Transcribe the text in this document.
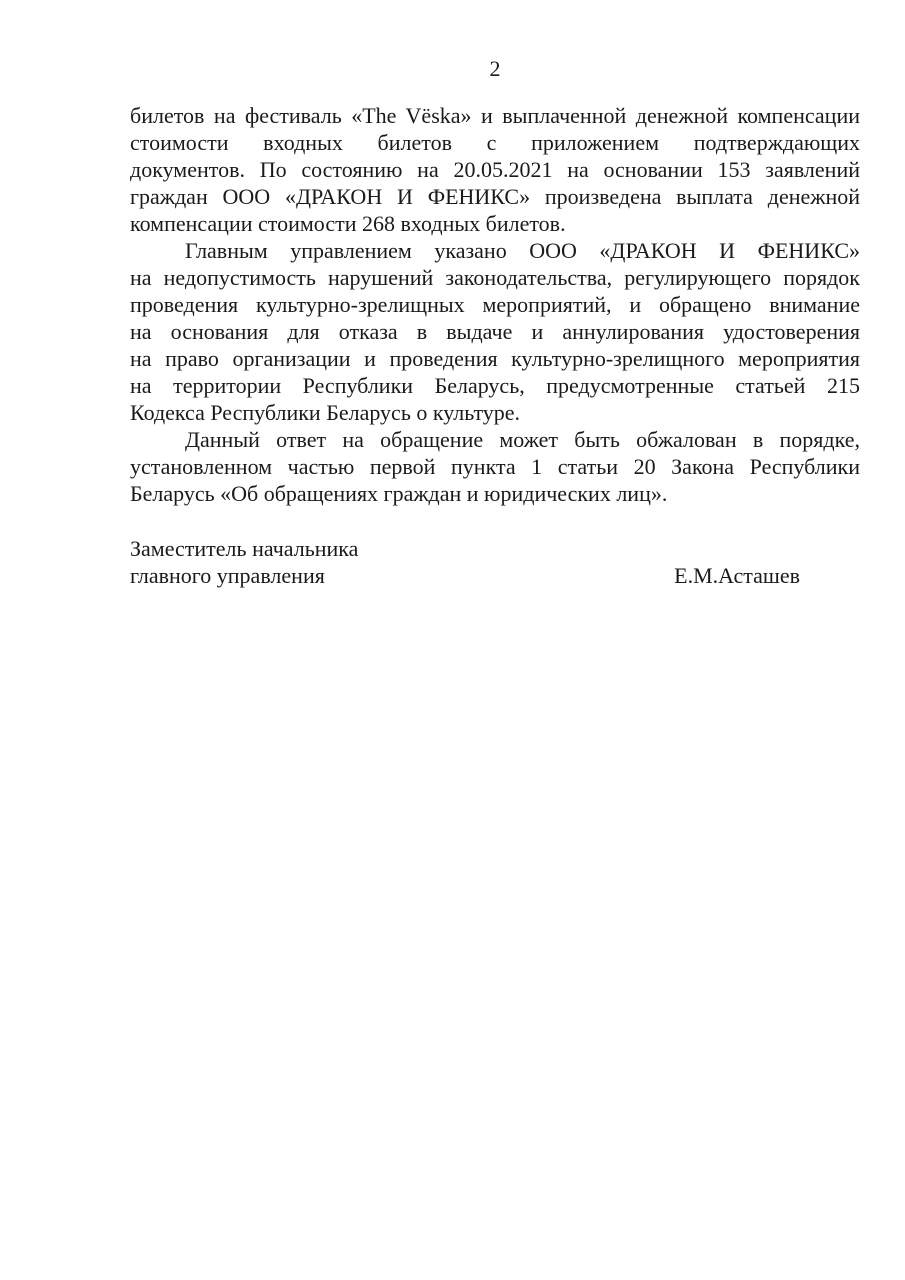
2
билетов на фестиваль «The Vëska» и выплаченной денежной компенсации
стоимости входных билетов с приложением подтверждающих
документов. По состоянию на 20.05.2021 на основании 153 заявлений
граждан ООО «ДРАКОН И ФЕНИКС» произведена выплата денежной
компенсации стоимости 268 входных билетов.
Главным управлением указано ООО «ДРАКОН И ФЕНИКС»
на недопустимость нарушений законодательства, регулирующего порядок
проведения культурно-зрелищных мероприятий, и обращено внимание
на основания для отказа в выдаче и аннулирования удостоверения
на право организации и проведения культурно-зрелищного мероприятия
на территории Республики Беларусь, предусмотренные статьей 215
Кодекса Республики Беларусь о культуре.
Данный ответ на обращение может быть обжалован в порядке,
установленном частью первой пункта 1 статьи 20 Закона Республики
Беларусь «Об обращениях граждан и юридических лиц».
Заместитель начальника
главного управления	Е.М.Асташев
